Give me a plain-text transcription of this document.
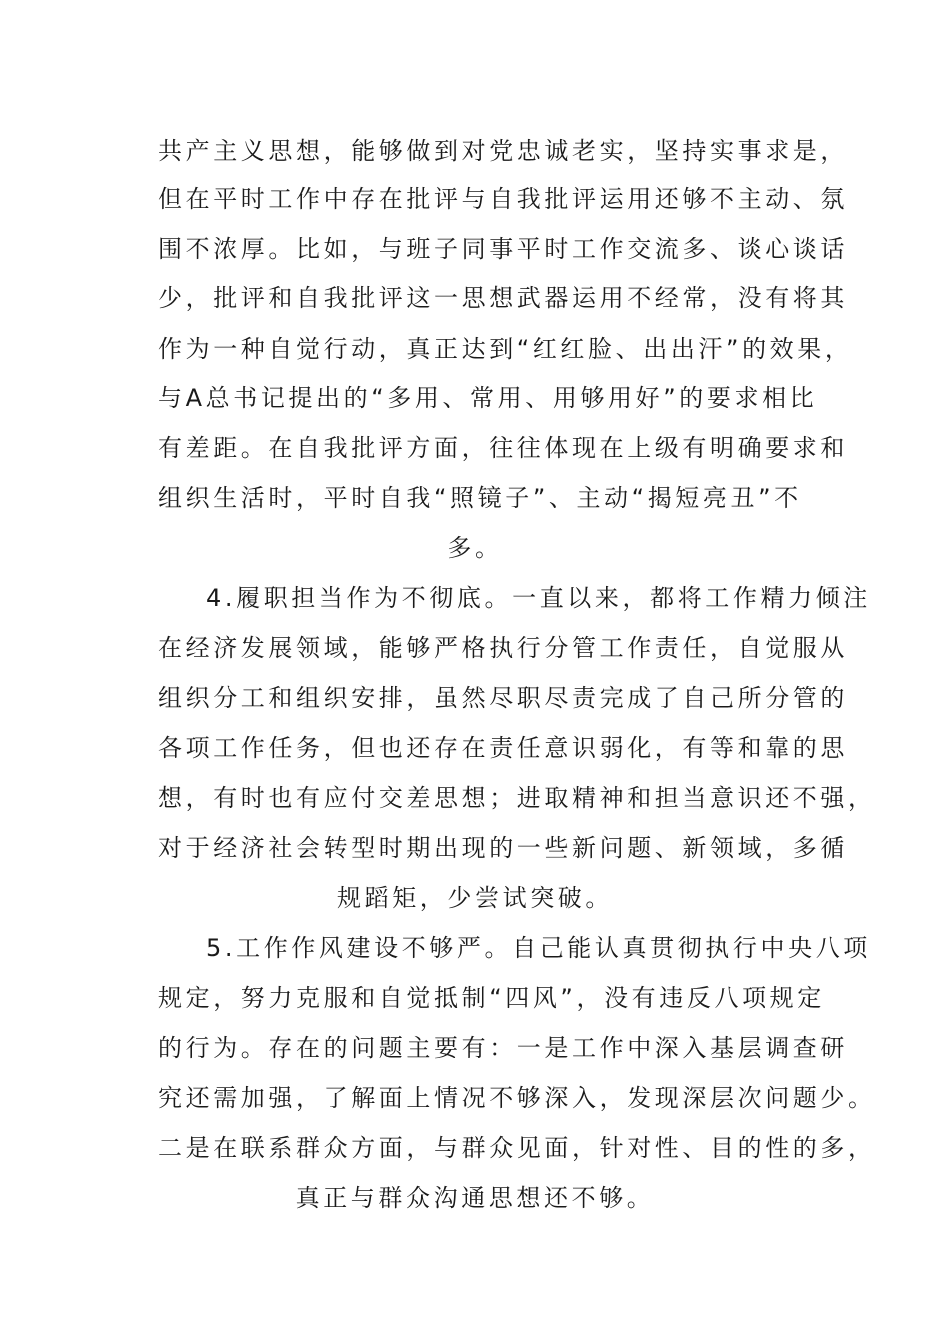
共产主义思想，能够做到对党忠诚老实，坚持实事求是，
但在平时工作中存在批评与自我批评运用还够不主动、氛
围不浓厚。比如，与班子同事平时工作交流多、谈心谈话
少，批评和自我批评这一思想武器运用不经常，没有将其
作为一种自觉行动，真正达到“红红脸、出出汗”的效果，
与A总书记提出的“多用、常用、用够用好”的要求相比
有差距。在自我批评方面，往往体现在上级有明确要求和
组织生活时，平时自我“照镜子”、主动“揭短亮丑”不
多。
4.履职担当作为不彻底。一直以来，都将工作精力倾注
在经济发展领域，能够严格执行分管工作责任，自觉服从
组织分工和组织安排，虽然尽职尽责完成了自己所分管的
各项工作任务，但也还存在责任意识弱化，有等和靠的思
想，有时也有应付交差思想；进取精神和担当意识还不强，
对于经济社会转型时期出现的一些新问题、新领域，多循
规蹈矩，少尝试突破。
5.工作作风建设不够严。自己能认真贯彻执行中央八项
规定，努力克服和自觉抵制“四风”，没有违反八项规定
的行为。存在的问题主要有：一是工作中深入基层调查研
究还需加强，了解面上情况不够深入，发现深层次问题少。
二是在联系群众方面，与群众见面，针对性、目的性的多，
真正与群众沟通思想还不够。
